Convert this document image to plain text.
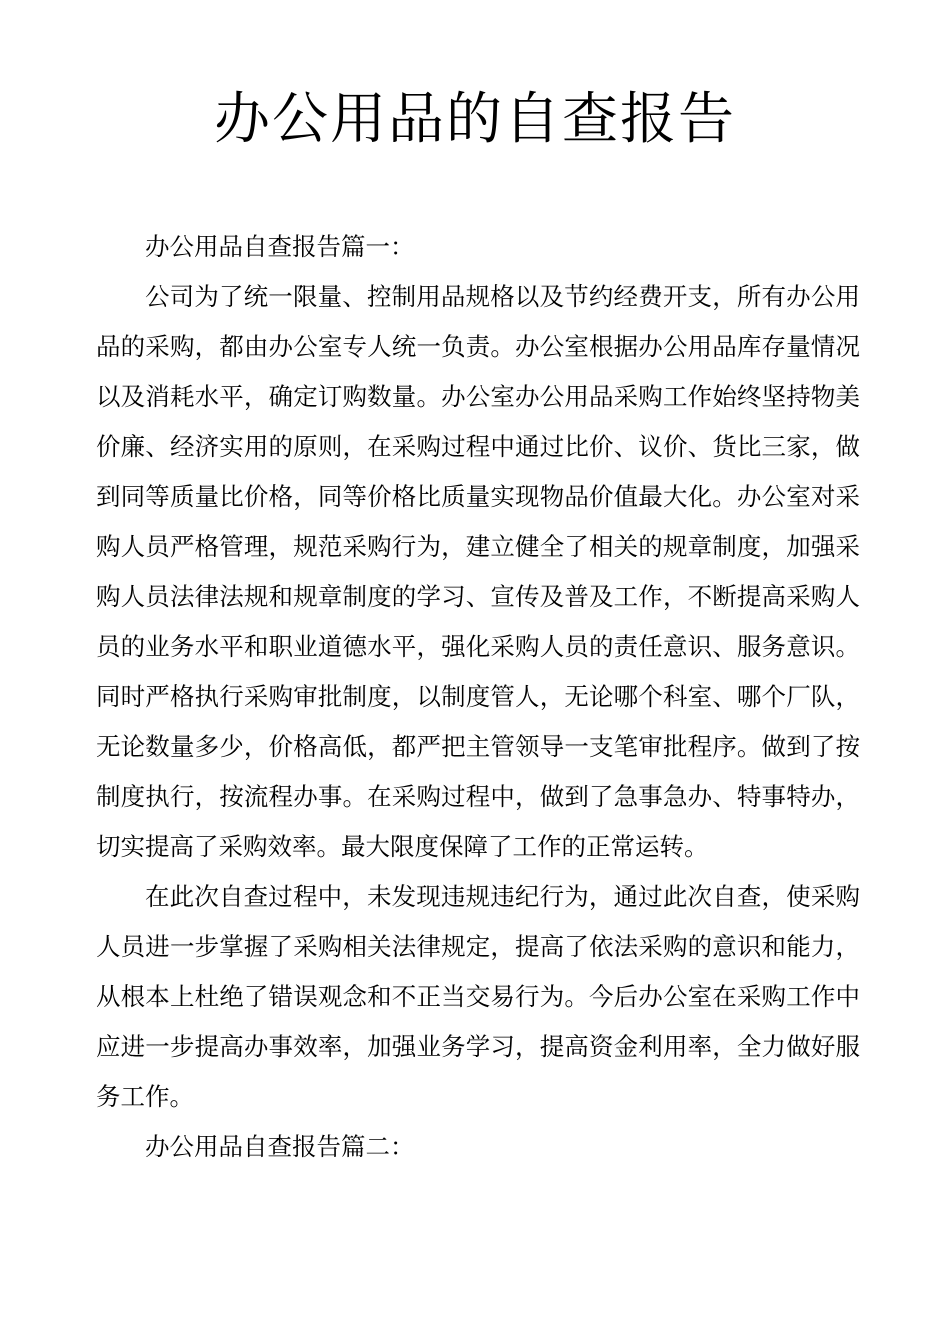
办公用品的自查报告

办公用品自查报告篇一：

公司为了统一限量、控制用品规格以及节约经费开支，所有办公用品的采购，都由办公室专人统一负责。办公室根据办公用品库存量情况以及消耗水平，确定订购数量。办公室办公用品采购工作始终坚持物美价廉、经济实用的原则，在采购过程中通过比价、议价、货比三家，做到同等质量比价格，同等价格比质量实现物品价值最大化。办公室对采购人员严格管理，规范采购行为，建立健全了相关的规章制度，加强采购人员法律法规和规章制度的学习、宣传及普及工作，不断提高采购人员的业务水平和职业道德水平，强化采购人员的责任意识、服务意识。同时严格执行采购审批制度，以制度管人，无论哪个科室、哪个厂队，无论数量多少，价格高低，都严把主管领导一支笔审批程序。做到了按制度执行，按流程办事。在采购过程中，做到了急事急办、特事特办，切实提高了采购效率。最大限度保障了工作的正常运转。

在此次自查过程中，未发现违规违纪行为，通过此次自查，使采购人员进一步掌握了采购相关法律规定，提高了依法采购的意识和能力，从根本上杜绝了错误观念和不正当交易行为。今后办公室在采购工作中应进一步提高办事效率，加强业务学习，提高资金利用率，全力做好服务工作。

办公用品自查报告篇二：
